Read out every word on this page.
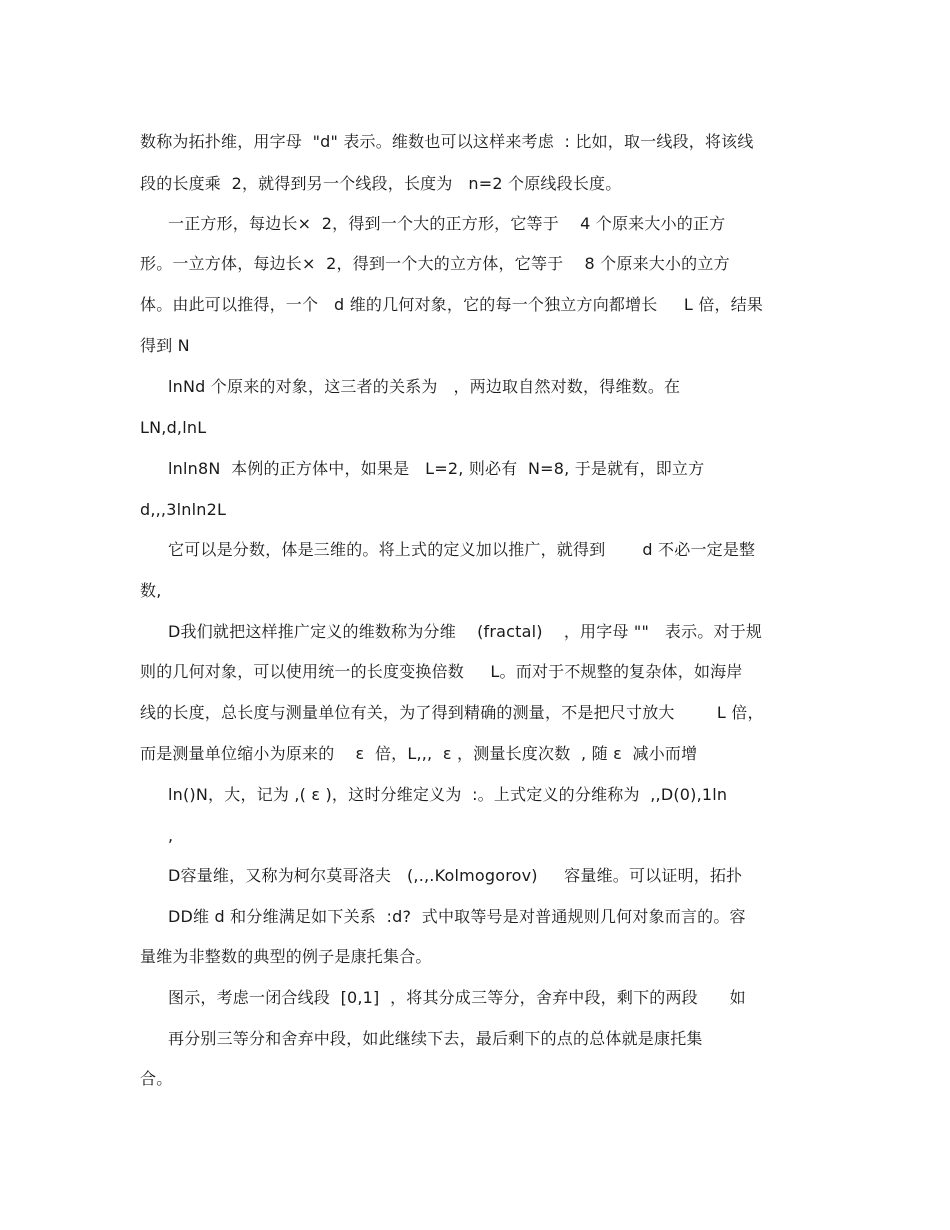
数称为拓扑维，用字母  "d" 表示。维数也可以这样来考虑  : 比如，取一线段，将该线
段的长度乘  2，就得到另一个线段，长度为   n=2 个原线段长度。
一正方形，每边长×  2，得到一个大的正方形，它等于    4 个原来大小的正方
形。一立方体，每边长×  2，得到一个大的立方体，它等于    8 个原来大小的立方
体。由此可以推得，一个   d 维的几何对象，它的每一个独立方向都增长     L 倍，结果
得到 N
lnNd 个原来的对象，这三者的关系为   ，两边取自然对数，得维数。在
LN,d,lnL
lnln8N  本例的正方体中，如果是   L=2, 则必有  N=8, 于是就有，即立方
d,,,3lnln2L
它可以是分数，体是三维的。将上式的定义加以推广，就得到       d 不必一定是整
数,
D我们就把这样推广定义的维数称为分维    (fractal)    ，用字母 ""   表示。对于规
则的几何对象，可以使用统一的长度变换倍数     L。而对于不规整的复杂体，如海岸
线的长度，总长度与测量单位有关，为了得到精确的测量，不是把尺寸放大        L 倍，
而是测量单位缩小为原来的    ε  倍，L,,,  ε ，测量长度次数  , 随 ε  减小而增
ln()N，大，记为 ,( ε )，这时分维定义为  :。上式定义的分维称为  ,,D(0),1ln
,
D容量维，又称为柯尔莫哥洛夫   (,.,.Kolmogorov)     容量维。可以证明，拓扑
DD维 d 和分维满足如下关系  :d?  式中取等号是对普通规则几何对象而言的。容
量维为非整数的典型的例子是康托集合。
图示，考虑一闭合线段  [0,1]  ，将其分成三等分，舍弃中段，剩下的两段      如
再分别三等分和舍弃中段，如此继续下去，最后剩下的点的总体就是康托集
合。
